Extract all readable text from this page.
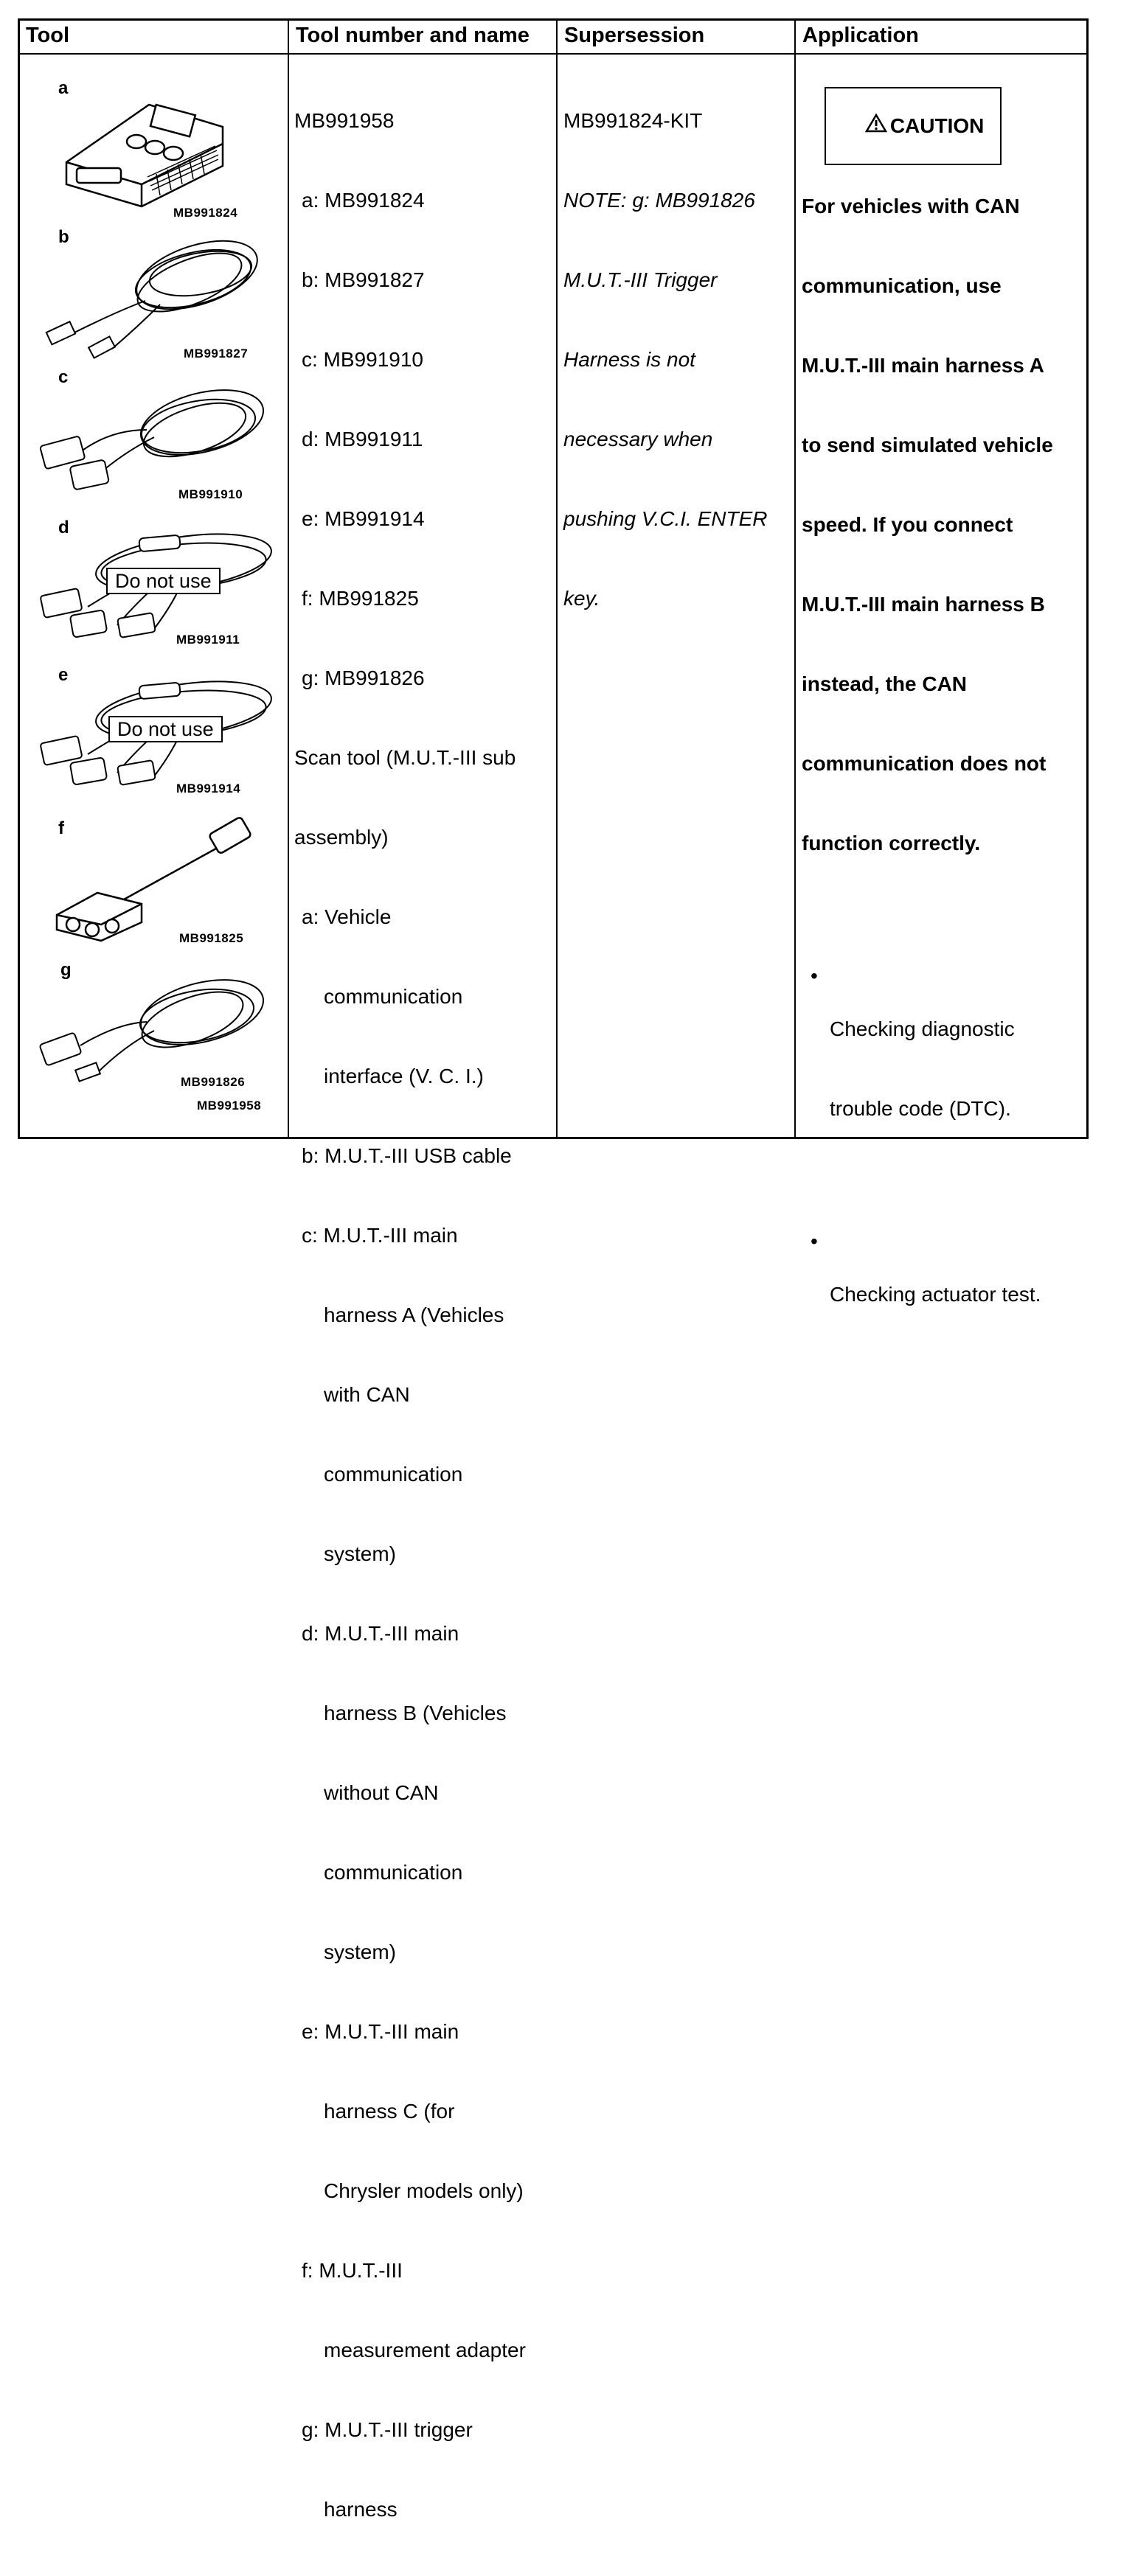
Tool	Tool number and name Supersession	Application
a
MB991824
b
MB991827
c
MB991910
d
Do not use
MB991911
e
Do not use
MB991914
f
MB991825
g
MB991826
MB991958

MB991958

a: MB991824

b: MB991827

c: MB991910

d: MB991911

e: MB991914

f: MB991825

g: MB991826

Scan tool (M.U.T.-III sub

assembly)

a: Vehicle

communication

interface (V. C. I.)

b: M.U.T.-III USB cable

c: M.U.T.-III main

harness A (Vehicles

with CAN

communication

system)

d: M.U.T.-III main

harness B (Vehicles

without CAN

communication

system)

e: M.U.T.-III main

harness C (for

Chrysler models only)

f: M.U.T.-III

measurement adapter

g: M.U.T.-III trigger

harness

MB991824-KIT

NOTE: g: MB991826

M.U.T.-III Trigger

Harness is not

necessary when

pushing V.C.I. ENTER

key.

CAUTION

For vehicles with CAN

communication, use

M.U.T.-III main harness A

to send simulated vehicle

speed. If you connect

M.U.T.-III main harness B

instead, the CAN

communication does not

function correctly.

• Checking diagnostic

trouble code (DTC).

• Checking actuator test.
